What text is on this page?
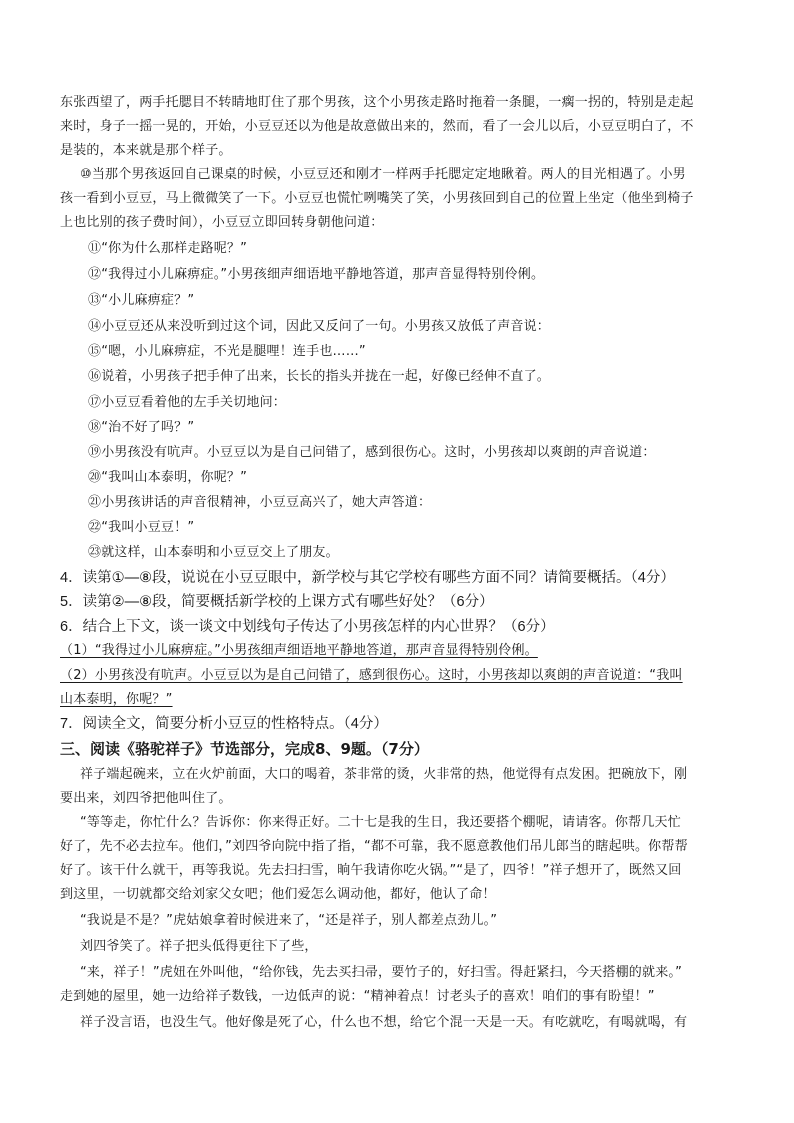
东张西望了，两手托腮目不转睛地盯住了那个男孩，这个小男孩走路时拖着一条腿，一瘸一拐的，特别是走起
来时，身子一摇一晃的，开始，小豆豆还以为他是故意做出来的，然而，看了一会儿以后，小豆豆明白了，不
是装的，本来就是那个样子。
⑩当那个男孩返回自己课桌的时候，小豆豆还和刚才一样两手托腮定定地瞅着。两人的目光相遇了。小男
孩一看到小豆豆，马上微微笑了一下。小豆豆也慌忙咧嘴笑了笑，小男孩回到自己的位置上坐定（他坐到椅子
上也比别的孩子费时间），小豆豆立即回转身朝他问道：
⑪“你为什么那样走路呢？”
⑫“我得过小儿麻痹症。”小男孩细声细语地平静地答道，那声音显得特别伶俐。
⑬“小儿麻痹症？”
⑭小豆豆还从来没听到过这个词，因此又反问了一句。小男孩又放低了声音说：
⑮“嗯，小儿麻痹症，不光是腿哩！连手也……”
⑯说着，小男孩子把手伸了出来，长长的指头并拢在一起，好像已经伸不直了。
⑰小豆豆看着他的左手关切地问：
⑱“治不好了吗？”
⑲小男孩没有吭声。小豆豆以为是自己问错了，感到很伤心。这时，小男孩却以爽朗的声音说道：
⑳“我叫山本泰明，你呢？”
㉑小男孩讲话的声音很精神，小豆豆高兴了，她大声答道：
㉒“我叫小豆豆！”
㉓就这样，山本泰明和小豆豆交上了朋友。
4．读第①—⑧段，说说在小豆豆眼中，新学校与其它学校有哪些方面不同？请简要概括。（4分）
5．读第②—⑧段，简要概括新学校的上课方式有哪些好处？（6分）
6．结合上下文，谈一谈文中划线句子传达了小男孩怎样的内心世界？（6分）
（1）“我得过小儿麻痹症。”小男孩细声细语地平静地答道，那声音显得特别伶俐。
（2）小男孩没有吭声。小豆豆以为是自己问错了，感到很伤心。这时，小男孩却以爽朗的声音说道：“我叫
山本泰明，你呢？”
7．阅读全文，简要分析小豆豆的性格特点。（4分）
三、阅读《骆驼祥子》节选部分，完成8、9题。（7分）
祥子端起碗来，立在火炉前面，大口的喝着，茶非常的烫，火非常的热，他觉得有点发困。把碗放下，刚
要出来，刘四爷把他叫住了。
“等等走，你忙什么？告诉你：你来得正好。二十七是我的生日，我还要搭个棚呢，请请客。你帮几天忙
好了，先不必去拉车。他们，”刘四爷向院中指了指，“都不可靠，我不愿意教他们吊儿郎当的瞎起哄。你帮帮
好了。该干什么就干，再等我说。先去扫扫雪，晌午我请你吃火锅。”“是了，四爷！”祥子想开了，既然又回
到这里，一切就都交给刘家父女吧；他们爱怎么调动他，都好，他认了命！
“我说是不是？”虎姑娘拿着时候进来了，“还是祥子，别人都差点劲儿。”
刘四爷笑了。祥子把头低得更往下了些，
“来，祥子！”虎妞在外叫他，“给你钱，先去买扫帚，要竹子的，好扫雪。得赶紧扫，今天搭棚的就来。”
走到她的屋里，她一边给祥子数钱，一边低声的说：“精神着点！讨老头子的喜欢！咱们的事有盼望！”
祥子没言语，也没生气。他好像是死了心，什么也不想，给它个混一天是一天。有吃就吃，有喝就喝，有
